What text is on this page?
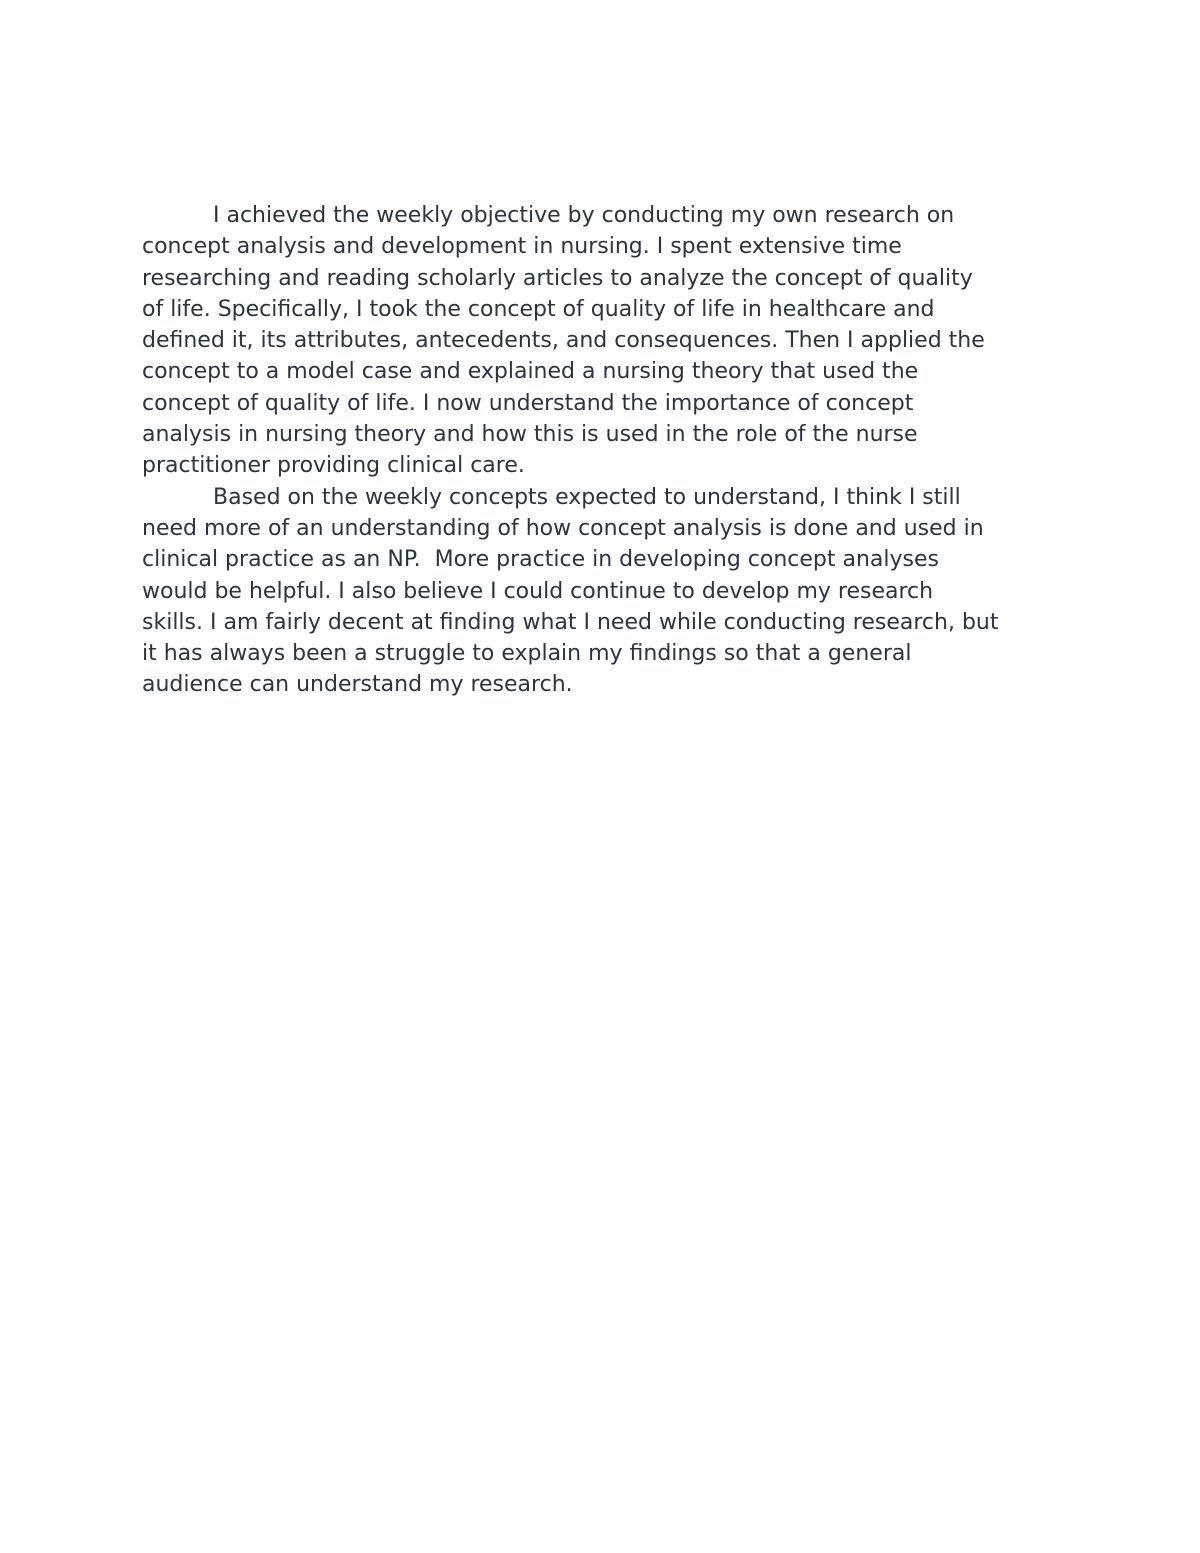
I achieved the weekly objective by conducting my own research on
concept analysis and development in nursing. I spent extensive time
researching and reading scholarly articles to analyze the concept of quality
of life. Specifically, I took the concept of quality of life in healthcare and
defined it, its attributes, antecedents, and consequences. Then I applied the
concept to a model case and explained a nursing theory that used the
concept of quality of life. I now understand the importance of concept
analysis in nursing theory and how this is used in the role of the nurse
practitioner providing clinical care.
Based on the weekly concepts expected to understand, I think I still
need more of an understanding of how concept analysis is done and used in
clinical practice as an NP.  More practice in developing concept analyses
would be helpful. I also believe I could continue to develop my research
skills. I am fairly decent at finding what I need while conducting research, but
it has always been a struggle to explain my findings so that a general
audience can understand my research.
